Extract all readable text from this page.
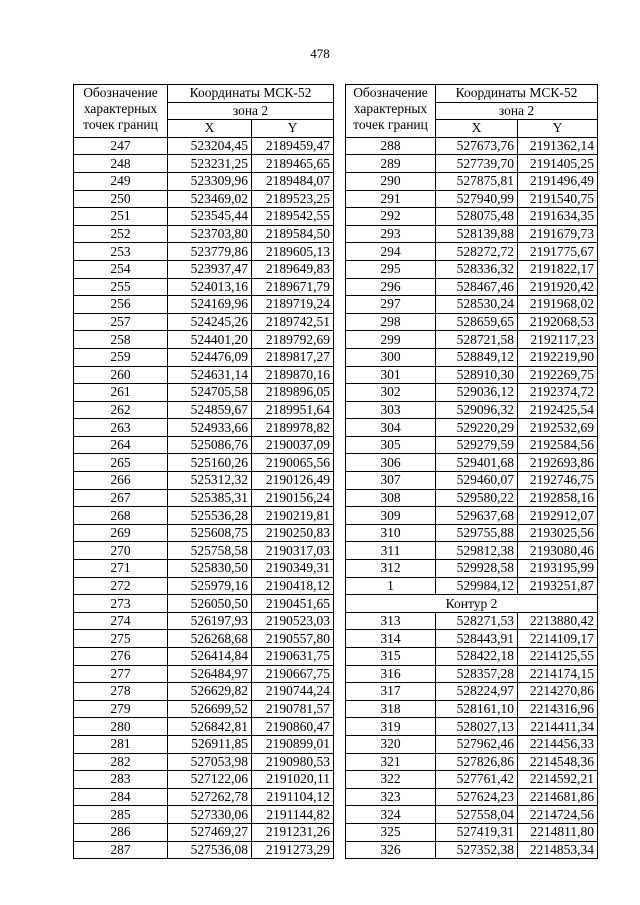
478
Обозначение
характерных
точек границ	Координаты МСК-52	
	зона 2	
	X	Y
247	523204,45	2189459,47
248	523231,25	2189465,65
249	523309,96	2189484,07
250	523469,02	2189523,25
251	523545,44	2189542,55
252	523703,80	2189584,50
253	523779,86	2189605,13
254	523937,47	2189649,83
255	524013,16	2189671,79
256	524169,96	2189719,24
257	524245,26	2189742,51
258	524401,20	2189792,69
259	524476,09	2189817,27
260	524631,14	2189870,16
261	524705,58	2189896,05
262	524859,67	2189951,64
263	524933,66	2189978,82
264	525086,76	2190037,09
265	525160,26	2190065,56
266	525312,32	2190126,49
267	525385,31	2190156,24
268	525536,28	2190219,81
269	525608,75	2190250,83
270	525758,58	2190317,03
271	525830,50	2190349,31
272	525979,16	2190418,12
273	526050,50	2190451,65
274	526197,93	2190523,03
275	526268,68	2190557,80
276	526414,84	2190631,75
277	526484,97	2190667,75
278	526629,82	2190744,24
279	526699,52	2190781,57
280	526842,81	2190860,47
281	526911,85	2190899,01
282	527053,98	2190980,53
283	527122,06	2191020,11
284	527262,78	2191104,12
285	527330,06	2191144,82
286	527469,27	2191231,26
287	527536,08	2191273,29
Обозначение
характерных
точек границ	Координаты МСК-52	
	зона 2	
	X	Y
288	527673,76	2191362,14
289	527739,70	2191405,25
290	527875,81	2191496,49
291	527940,99	2191540,75
292	528075,48	2191634,35
293	528139,88	2191679,73
294	528272,72	2191775,67
295	528336,32	2191822,17
296	528467,46	2191920,42
297	528530,24	2191968,02
298	528659,65	2192068,53
299	528721,58	2192117,23
300	528849,12	2192219,90
301	528910,30	2192269,75
302	529036,12	2192374,72
303	529096,32	2192425,54
304	529220,29	2192532,69
305	529279,59	2192584,56
306	529401,68	2192693,86
307	529460,07	2192746,75
308	529580,22	2192858,16
309	529637,68	2192912,07
310	529755,88	2193025,56
311	529812,38	2193080,46
312	529928,58	2193195,99
1	529984,12	2193251,87
Контур 2		
313	528271,53	2213880,42
314	528443,91	2214109,17
315	528422,18	2214125,55
316	528357,28	2214174,15
317	528224,97	2214270,86
318	528161,10	2214316,96
319	528027,13	2214411,34
320	527962,46	2214456,33
321	527826,86	2214548,36
322	527761,42	2214592,21
323	527624,23	2214681,86
324	527558,04	2214724,56
325	527419,31	2214811,80
326	527352,38	2214853,34
